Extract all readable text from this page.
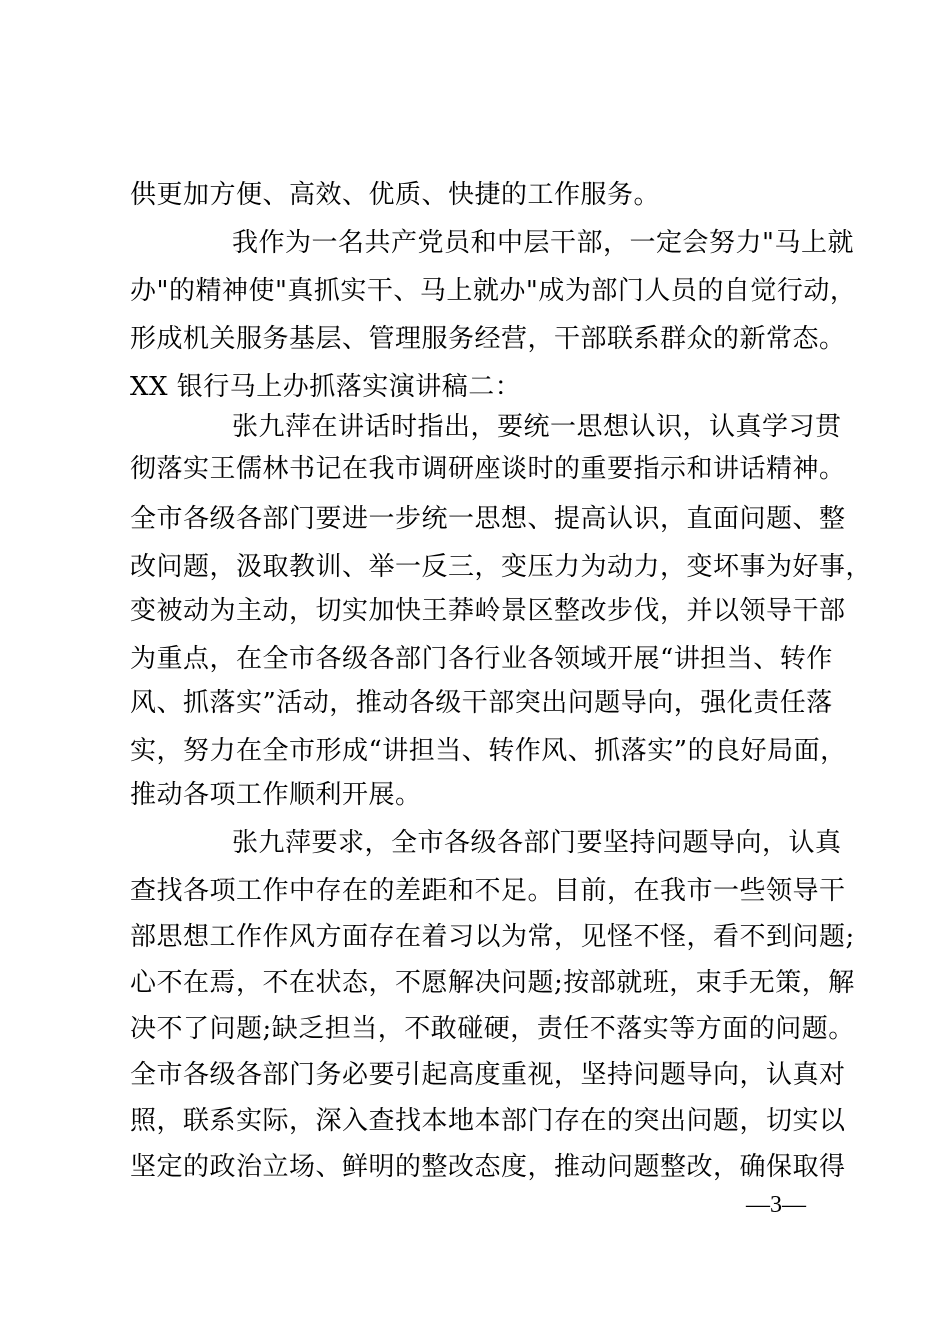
供更加方便、高效、优质、快捷的工作服务。
我作为一名共产党员和中层干部，一定会努力"马上就
办"的精神使"真抓实干、马上就办"成为部门人员的自觉行动，
形成机关服务基层、管理服务经营，干部联系群众的新常态。
XX 银行马上办抓落实演讲稿二：
张九萍在讲话时指出，要统一思想认识，认真学习贯
彻落实王儒林书记在我市调研座谈时的重要指示和讲话精神。
全市各级各部门要进一步统一思想、提高认识，直面问题、整
改问题，汲取教训、举一反三，变压力为动力，变坏事为好事，
变被动为主动，切实加快王莽岭景区整改步伐，并以领导干部
为重点，在全市各级各部门各行业各领域开展“讲担当、转作
风、抓落实”活动，推动各级干部突出问题导向，强化责任落
实，努力在全市形成“讲担当、转作风、抓落实”的良好局面，
推动各项工作顺利开展。
张九萍要求，全市各级各部门要坚持问题导向，认真
查找各项工作中存在的差距和不足。目前，在我市一些领导干
部思想工作作风方面存在着习以为常，见怪不怪，看不到问题;
心不在焉，不在状态，不愿解决问题;按部就班，束手无策，解
决不了问题;缺乏担当，不敢碰硬，责任不落实等方面的问题。
全市各级各部门务必要引起高度重视，坚持问题导向，认真对
照，联系实际，深入查找本地本部门存在的突出问题，切实以
坚定的政治立场、鲜明的整改态度，推动问题整改，确保取得
—3—
